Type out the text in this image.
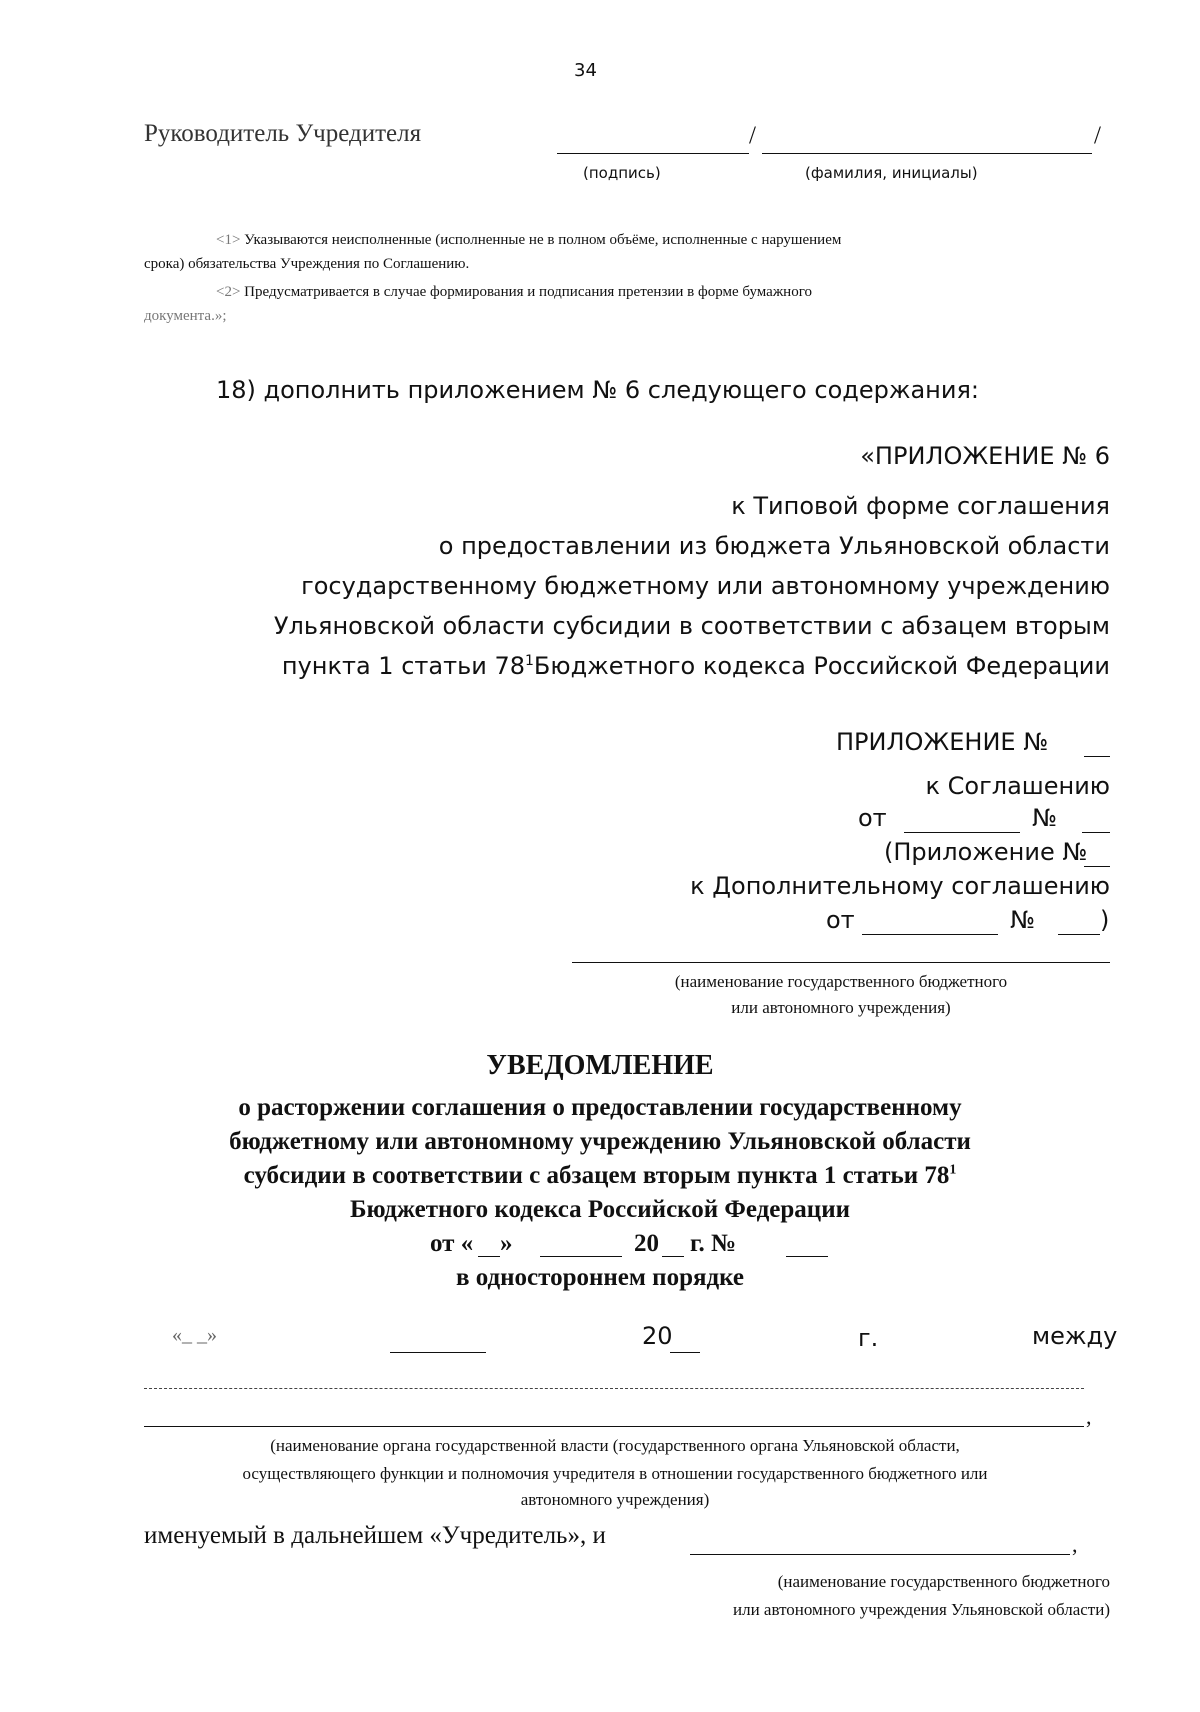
34
Руководитель Учредителя	/	/
(подпись)	(фамилия, инициалы)
<1> Указываются неисполненные (исполненные не в полном объёме, исполненные с нарушением
срока) обязательства Учреждения по Соглашению.
<2> Предусматривается в случае формирования и подписания претензии в форме бумажного
документа.»;
18) дополнить приложением № 6 следующего содержания:
«ПРИЛОЖЕНИЕ № 6
к Типовой форме соглашения
о предоставлении из бюджета Ульяновской области
государственному бюджетному или автономному учреждению
Ульяновской области субсидии в соответствии с абзацем вторым
пункта 1 статьи $78^1Бюджетного$ кодекса Российской Федерации
ПРИЛОЖЕНИЕ №
к Соглашению
от	№
(Приложение №
к Дополнительному соглашению
от	№	)
(наименование государственного бюджетного
или автономного учреждения)
УВЕДОМЛЕНИЕ
о расторжении соглашения о предоставлении государственному
бюджетному или автономному учреждению Ульяновской области
субсидии в соответствии с абзацем вторым пункта 1 статьи $78^1$
Бюджетного кодекса Российской Федерации
от « »	20 г. №
в одностороннем порядке
«_ _»	20	г.	между
,
(наименование органа государственной власти (государственного органа Ульяновской области,
осуществляющего функции и полномочия учредителя в отношении государственного бюджетного или
автономного учреждения)
именуемый в дальнейшем «Учредитель», и	,
(наименование государственного бюджетного
или автономного учреждения Ульяновской области)
